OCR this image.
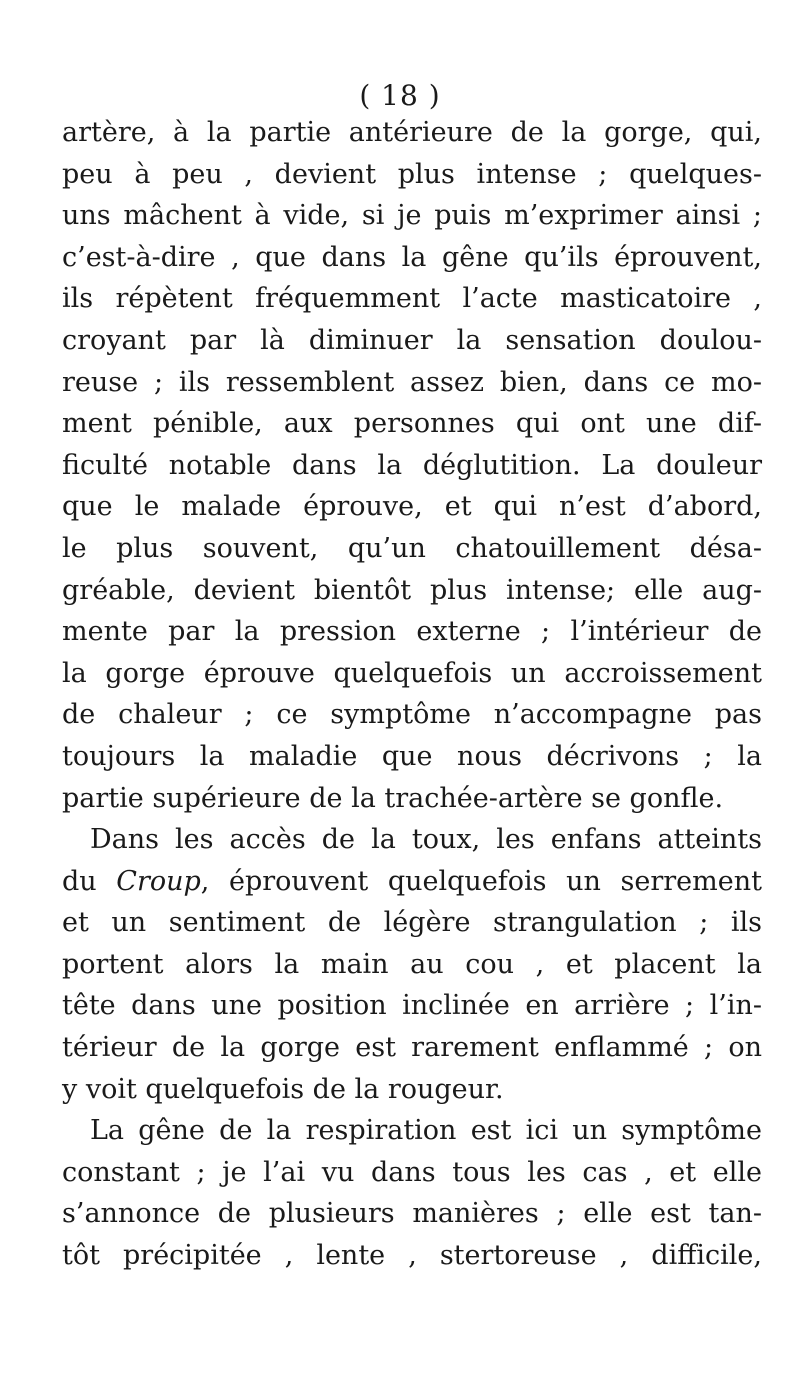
( 18 )
artère, à la partie antérieure de la gorge, qui,
peu à peu , devient plus intense ; quelques-
uns mâchent à vide, si je puis m’exprimer ainsi ;
c’est-à-dire , que dans la gêne qu’ils éprouvent,
ils répètent fréquemment l’acte masticatoire ,
croyant par là diminuer la sensation doulou-
reuse ; ils ressemblent assez bien, dans ce mo-
ment pénible, aux personnes qui ont une dif-
ficulté notable dans la déglutition. La douleur
que le malade éprouve, et qui n’est d’abord,
le plus souvent, qu’un chatouillement désa-
gréable, devient bientôt plus intense; elle aug-
mente par la pression externe ; l’intérieur de
la gorge éprouve quelquefois un accroissement
de chaleur ; ce symptôme n’accompagne pas
toujours la maladie que nous décrivons ; la
partie supérieure de la trachée-artère se gonfle.
Dans les accès de la toux, les enfans atteints
du Croup, éprouvent quelquefois un serrement
et un sentiment de légère strangulation ; ils
portent alors la main au cou , et placent la
tête dans une position inclinée en arrière ; l’in-
térieur de la gorge est rarement enflammé ; on
y voit quelquefois de la rougeur.
La gêne de la respiration est ici un symptôme
constant ; je l’ai vu dans tous les cas , et elle
s’annonce de plusieurs manières ; elle est tan-
tôt précipitée , lente , stertoreuse , difficile,
